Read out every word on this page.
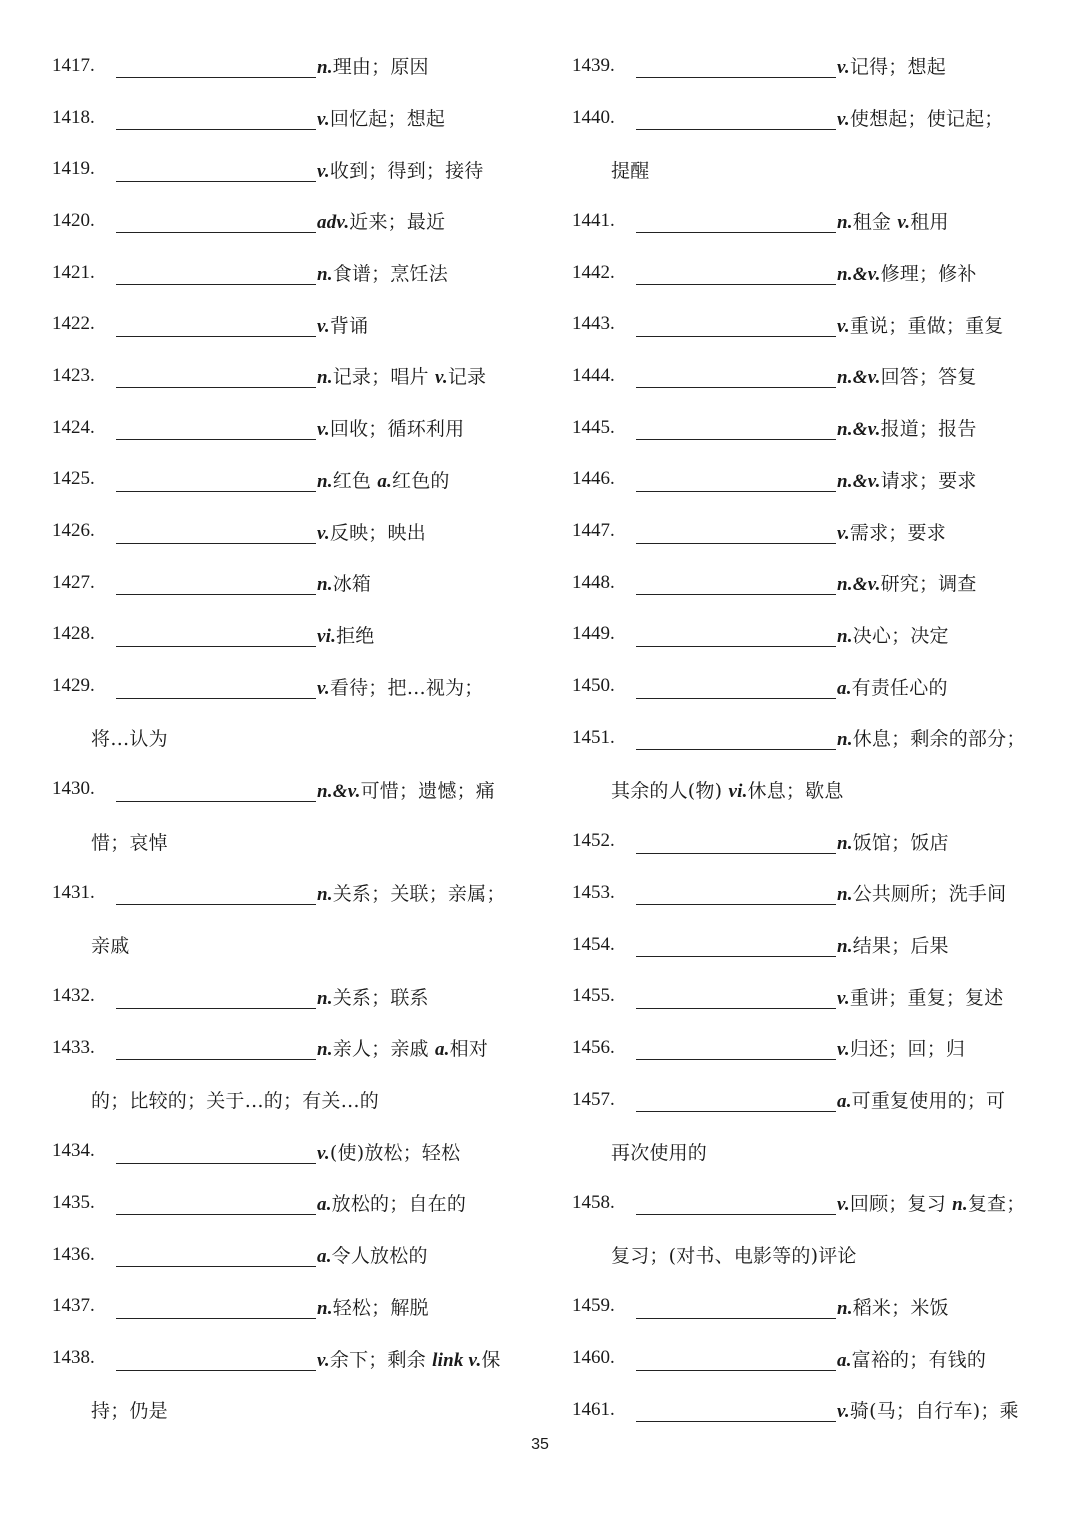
1417.	n.理由；原因
1418.	v.回忆起；想起
1419.	v.收到；得到；接待
1420.	adv.近来；最近
1421.	n.食谱；烹饪法
1422.	v.背诵
1423.	n.记录；唱片 v.记录
1424.	v.回收；循环利用
1425.	n.红色 a.红色的
1426.	v.反映；映出
1427.	n.冰箱
1428.	vi.拒绝
1429.	v.看待；把…视为；
将…认为
1430.	n.&v.可惜；遗憾；痛
惜；哀悼
1431.	n.关系；关联；亲属；
亲戚
1432.	n.关系；联系
1433.	n.亲人；亲戚 a.相对
的；比较的；关于…的；有关…的
1434.	v.(使)放松；轻松
1435.	a.放松的；自在的
1436.	a.令人放松的
1437.	n.轻松；解脱
1438.	v.余下；剩余 link v.保
持；仍是
1439.	v.记得；想起
1440.	v.使想起；使记起；
提醒
1441.	n.租金 v.租用
1442.	n.&v.修理；修补
1443.	v.重说；重做；重复
1444.	n.&v.回答；答复
1445.	n.&v.报道；报告
1446.	n.&v.请求；要求
1447.	v.需求；要求
1448.	n.&v.研究；调查
1449.	n.决心；决定
1450.	a.有责任心的
1451.	n.休息；剩余的部分；
其余的人(物) vi.休息；歇息
1452.	n.饭馆；饭店
1453.	n.公共厕所；洗手间
1454.	n.结果；后果
1455.	v.重讲；重复；复述
1456.	v.归还；回；归
1457.	a.可重复使用的；可
再次使用的
1458.	v.回顾；复习 n.复查；
复习；(对书、电影等的)评论
1459.	n.稻米；米饭
1460.	a.富裕的；有钱的
1461.	v.骑(马；自行车)；乘
35
